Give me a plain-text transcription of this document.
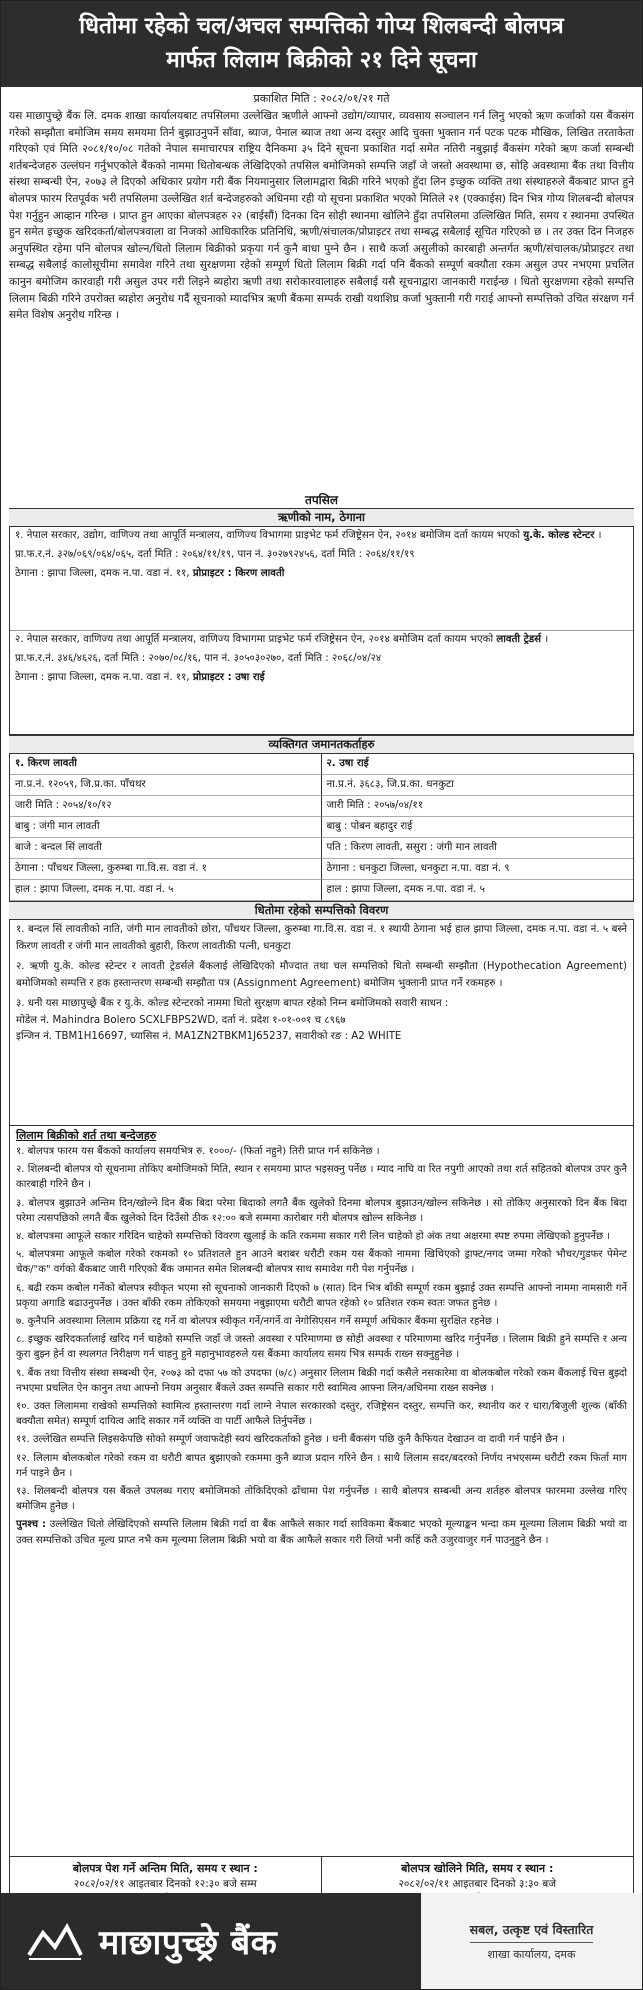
धितोमा रहेको चल/अचल सम्पत्तिको गोप्य शिलबन्दी बोलपत्र
मार्फत लिलाम बिक्रीको २१ दिने सूचना
प्रकाशित मिति : २०८२/०१/२१ गते
यस माछापुच्छ्रे बैंक लि. दमक शाखा कार्यालयबाट तपसिलमा उल्लेखित ऋणीले आफ्नो उद्योग/व्यापार, व्यवसाय सञ्चालन गर्न लिनु भएको ऋण कर्जाको यस बैंकसंग गरेको सम्झौता बमोजिम समय समयमा तिर्न बुझाउनुपर्ने साँवा, ब्याज, पेनाल ब्याज तथा अन्य दस्तुर आदि चुक्ता भुक्तान गर्न पटक पटक मौखिक, लिखित तरताकेता गरिएको एवं मिति २०८१/१०/०८ गतेको नेपाल समाचारपत्र राष्ट्रिय दैनिकमा ३५ दिने सूचना प्रकाशित गर्दा समेत नतिरी नबुझाई बैंकसंग गरेको ऋण कर्जा सम्बन्धी शर्तबन्देजहरु उल्लंघन गर्नुभएकोले बैंकको नाममा धितोबन्धक लेखिदिएको तपसिल बमोजिमको सम्पत्ति जहाँ जे जस्तो अवस्थामा छ, सोहि अवस्थामा बैंक तथा वित्तीय संस्था सम्बन्धी ऐन, २०७३ ले दिएको अधिकार प्रयोग गरी बैंक नियमानुसार लिलामद्वारा बिक्री गरिने भएको हुँदा लिन इच्छुक व्यक्ति तथा संस्थाहरुले बैंकबाट प्राप्त हुने बोलपत्र फारम रितपूर्वक भरी तपसिलमा उल्लेखित शर्त बन्देजहरुको अधिनमा रही यो सूचना प्रकाशित भएको मितिले २१ (एक्काईस) दिन भित्र गोप्य शिलबन्दी बोलपत्र पेश गर्नुहुन आव्हान गरिन्छ । प्राप्त हुन आएका बोलपत्रहरु २२ (बाईसौं) दिनका दिन सोही स्थानमा खोलिने हुँदा तपसिलमा उल्लिखित मिति, समय र स्थानमा उपस्थित हुन समेत इच्छुक खरिदकर्ता/बोलपत्रवाला वा निजको आधिकारिक प्रतिनिधि, ऋणी/संचालक/प्रोप्राइटर तथा सम्बद्ध सबैलाई सूचित गरिएको छ । तर उक्त दिन निजहरु अनुपस्थित रहेमा पनि बोलपत्र खोल्न/धितो लिलाम बिक्रीको प्रकृया गर्न कुनै बाधा पुग्ने छैन । साथै कर्जा असुलीको कारबाही अन्तर्गत ऋणी/संचालक/प्रोप्राइटर तथा सम्बद्ध सबैलाई कालोसूचीमा समावेश गरिने तथा सुरक्षणमा रहेको सम्पूर्ण धितो लिलाम बिक्री गर्दा पनि बैंकको सम्पूर्ण बक्यौता रकम असुल उपर नभएमा प्रचलित कानुन बमोजिम कारवाही गरी असुल उपर गरी लिइने ब्यहोरा ऋणी तथा सरोकारवालाहरु सबैलाई यसै सूचनाद्वारा जानकारी गराईन्छ । धितो सुरक्षणमा रहेको सम्पत्ति लिलाम बिक्री गरिने उपरोक्त ब्यहोरा अनुरोध गर्दै सूचनाको म्यादभित्र ऋणी बैंकमा सम्पर्क राखी यथाशिघ्र कर्जा भुक्तानी गरी गराई आफ्नो सम्पत्तिको उचित संरक्षण गर्न समेत विशेष अनुरोध गरिन्छ ।
तपसिल
ऋणीको नाम, ठेगाना
१. नेपाल सरकार, उद्योग, वाणिज्य तथा आपूर्ति मन्त्रालय, वाणिज्य विभागमा प्राइभेट फर्म रजिष्ट्रेसन ऐन, २०१४ बमोजिम दर्ता कायम भएको यु.के. कोल्ड स्टेन्टर ।
प्रा.फ.र.नं. ३२७/०६९/०६४/०६५, दर्ता मिति : २०६४/११/१९, पान नं. ३०२७९२४५६, दर्ता मिति : २०६४/११/१९
ठेगाना : झापा जिल्ला, दमक न.पा. वडा नं. ११, प्रोप्राइटर : किरण लावती
२. नेपाल सरकार, वाणिज्य तथा आपूर्ति मन्त्रालय, वाणिज्य विभागमा प्राइभेट फर्म रजिष्ट्रेसन ऐन, २०१४ बमोजिम दर्ता कायम भएको लावती ट्रेडर्स ।
प्रा.फ.र.नं. ३४६/४६२६, दर्ता मिति : २०७०/०८/१६, पान नं. ३०५०३०२७०, दर्ता मिति : २०६८/०४/२४
ठेगाना : झापा जिल्ला, दमक न.पा. वडा नं. ११, प्रोप्राइटर : उषा राई
व्यक्तिगत जमानतकर्ताहरु
१. किरण लावती	२. उषा राई
ना.प्र.नं. १२०५९, जि.प्र.का. पाँचथर	ना.प्र.नं. ३६८३, जि.प्र.का. धनकुटा
जारी मिति : २०५४/१०/१२	जारी मिति : २०५७/०४/११
बाबु : जंगी मान लावती	बाबु : पोबन बहादुर राई
बाजे : बन्दल सिं लावती	पति : किरण लावती, ससुरा : जंगी मान लावती
ठेगाना : पाँचथर जिल्ला, कुरुम्बा गा.वि.स. वडा नं. १	ठेगाना : धनकुटा जिल्ला, धनकुटा न.पा. वडा नं. ९
हाल : झापा जिल्ला, दमक न.पा. वडा नं. ५	हाल : झापा जिल्ला, दमक न.पा. वडा नं. ५
धितोमा रहेको सम्पत्तिको विवरण
१. बन्दल सिं लावतीको नाति, जंगी मान लावतीको छोरा, पाँचथर जिल्ला, कुरुम्बा गा.वि.स. वडा नं. १ स्थायी ठेगाना भई हाल झापा जिल्ला, दमक न.पा. वडा नं. ५ बस्ने किरण लावती र जंगी मान लावतीको बुहारी, किरण लावतीकी पत्नी, धनकुटा
२. ऋणी यु.के. कोल्ड स्टेन्टर र लावती ट्रेडर्सले बैंकलाई लेखिदिएको मौज्दात तथा चल सम्पत्तिको धितो सम्बन्धी सम्झौता (Hypothecation Agreement) बमोजिमको सम्पत्ति र हक हस्तान्तरण सम्बन्धी सम्झौता पत्र (Assignment Agreement) बमोजिम भुक्तानी प्राप्त गर्ने रकमहरु ।
३. धनी यस माछापुच्छ्रे बैंक र यु.के. कोल्ड स्टेन्टरको नाममा धितो सुरक्षण बापत रहेको निम्न बमोजिमको सवारी साधन :
मोडेल नं. Mahindra Bolero SCXLFBPS2WD, दर्ता नं. प्रदेश १-०१-००१ च ८९६७
इन्जिन नं. TBM1H16697, च्यासिस नं. MA1ZN2TBKM1J65237, सवारीको रङ : A2 WHITE
लिलाम बिक्रीको शर्त तथा बन्देजहरु
१. बोलपत्र फारम यस बैंकको कार्यालय समयभित्र रु. १०००/- (फिर्ता नहुने) तिरी प्राप्त गर्न सकिनेछ ।
२. शिलबन्दी बोलपत्र यो सूचनामा तोकिए बमोजिमको मिति, स्थान र समयमा प्राप्त भइसक्नु पर्नेछ । म्याद नाघि वा रित नपुगी आएको तथा शर्त सहितको बोलपत्र उपर कुनै कारबाही गरिने छैन ।
३. बोलपत्र बुझाउने अन्तिम दिन/खोल्ने दिन बैंक बिदा परेमा बिदाको लगतै बैंक खुलेको दिनमा बोलपत्र बुझाउन/खोल्न सकिनेछ । सो तोकिए अनुसारको दिन बैंक बिदा परेमा त्यसपछिको लगतै बैंक खुलेको दिन दिउँसो ठीक १२:०० बजे सम्ममा कारोबार गरी बोलपत्र खोल्न सकिनेछ ।
४. बोलपत्रमा आफूले सकार गरिदिन चाहेको सम्पत्तिको विवरण खुलाई के कति रकममा सकार गरी लिन चाहेको हो अंक तथा अक्षरमा स्पष्ट रुपमा लेखिएको हुनुपर्नेछ ।
५. बोलपत्रमा आफूले कबोल गरेको रकमको १० प्रतिशतले हुन आउने बराबर धरौटी रकम यस बैंकको नाममा खिचिएको ड्राफ्ट/नगद जम्मा गरेको भौचर/गुडफर पेमेन्ट चेक/"क" वर्गको बैंकबाट जारी गरिएको बैंक जमानत समेत शिलबन्दी बोलपत्र साथ समावेश गरी पेश गर्नुपर्नेछ ।
६. बढी रकम कबोल गर्नेको बोलपत्र स्वीकृत भएमा सो सूचनाको जानकारी दिएको ७ (सात) दिन भित्र बाँकी सम्पूर्ण रकम बुझाई उक्त सम्पत्ति आफ्नो नाममा नामसारी गर्ने प्रकृया अगाडि बढाउनुपर्नेछ । उक्त बाँकी रकम तोकिएको समयमा नबुझाएमा धरौटी बापत रहेको १० प्रतिशत रकम स्वतः जफत हुनेछ ।
७. कुनैपनि अवस्थामा लिलाम प्रक्रिया रद्द गर्ने वा बोलपत्र स्वीकृत गर्ने/नगर्ने वा नेगोसिएसन गर्ने सम्पूर्ण अधिकार बैंकमा सुरक्षित रहनेछ ।
८. इच्छुक खरिदकर्तालाई खरिद गर्न चाहेको सम्पत्ति जहाँ जे जस्तो अवस्था र परिमाणमा छ सोही अवस्था र परिमाणमा खरिद गर्नुपर्नेछ । लिलाम बिक्री हुने सम्पत्ति र अन्य कुरा बुझ्न हेर्न वा स्थलगत निरीक्षण गर्न चाहनु हुने महानुभावहरुले यस बैंकमा कार्यालय समय भित्र सम्पर्क राख्न सक्नुहुनेछ ।
९. बैंक तथा वित्तीय संस्था सम्बन्धी ऐन, २०७३ को दफा ५७ को उपदफा (७/८) अनुसार लिलाम बिक्री गर्दा कसैले नसकारेमा वा बोलकबोल गरेको रकम बैंकलाई चित्त बुझ्दो नभएमा प्रचलित ऐन कानुन तथा आफ्नो नियम अनुसार बैंकले उक्त सम्पत्ति सकार गरी स्वामित्व आफ्ना लिन/अधिनमा राख्न सक्नेछ ।
१०. उक्त लिलाममा राखेको सम्पत्तिको स्वामित्व हस्तान्तरण गर्दा लाग्ने नेपाल सरकारको दस्तुर, रजिष्ट्रेसन दस्तुर, सम्पत्ति कर, स्थानीय कर र धारा/बिजुली शुल्क (बाँकी बक्यौता समेत) सम्पूर्ण दायित्व आदि सकार गर्ने व्यक्ति वा पार्टी आफैले तिर्नुपर्नेछ ।
११. उल्लेखित सम्पत्ति लिइसकेपछि सोको सम्पूर्ण जवाफदेही स्वयं खरिदकर्ताको हुनेछ । धनी बैंकसंग पछि कुनै कैफियत देखाउन वा दावी गर्न पाईने छैन ।
१२. लिलाम बोलकबोल गरेको रकम वा धरौटी बापत बुझाएको रकममा कुनै ब्याज प्रदान गरिने छैन । साथै लिलाम सदर/बदरको निर्णय नभएसम्म धरौटी रकम फिर्ता माग गर्न पाइने छैन ।
१३. शिलबन्दी बोलपत्र यस बैंकले उपलब्ध गराए बमोजिमको तोकिदिएको ढाँचामा पेश गर्नुपर्नेछ । साथै बोलपत्र सम्बन्धी अन्य शर्तहरु बोलपत्र फारममा उल्लेख गरिए बमोजिम हुनेछ ।
पुनश्च : उल्लेखित धितो लेखिदिएको सम्पत्ति लिलाम बिक्री गर्दा वा बैंक आफैले सकार गर्दा साविकमा बैंकबाट भएको मूल्याङ्कन भन्दा कम मूल्यमा लिलाम बिक्री भयो वा उक्त सम्पत्तिको उचित मूल्य प्राप्त नभै कम मूल्यमा लिलाम बिक्री भयो वा बैंक आफैले सकार गरी लियो भनी कहिं कतै उजुरवाजुर गर्न पाउनुहुने छैन ।
बोलपत्र पेश गर्ने अन्तिम मिति, समय र स्थान :
२०८२/०२/११ आइतबार दिनको १२:३० बजे सम्म
बोलपत्र खोलिने मिति, समय र स्थान :
२०८२/०२/११ आइतबार दिनको ३:३० बजे
माछापुच्छ्रे बैंक	सबल, उत्कृष्ट एवं विस्तारित
शाखा कार्यालय, दमक
